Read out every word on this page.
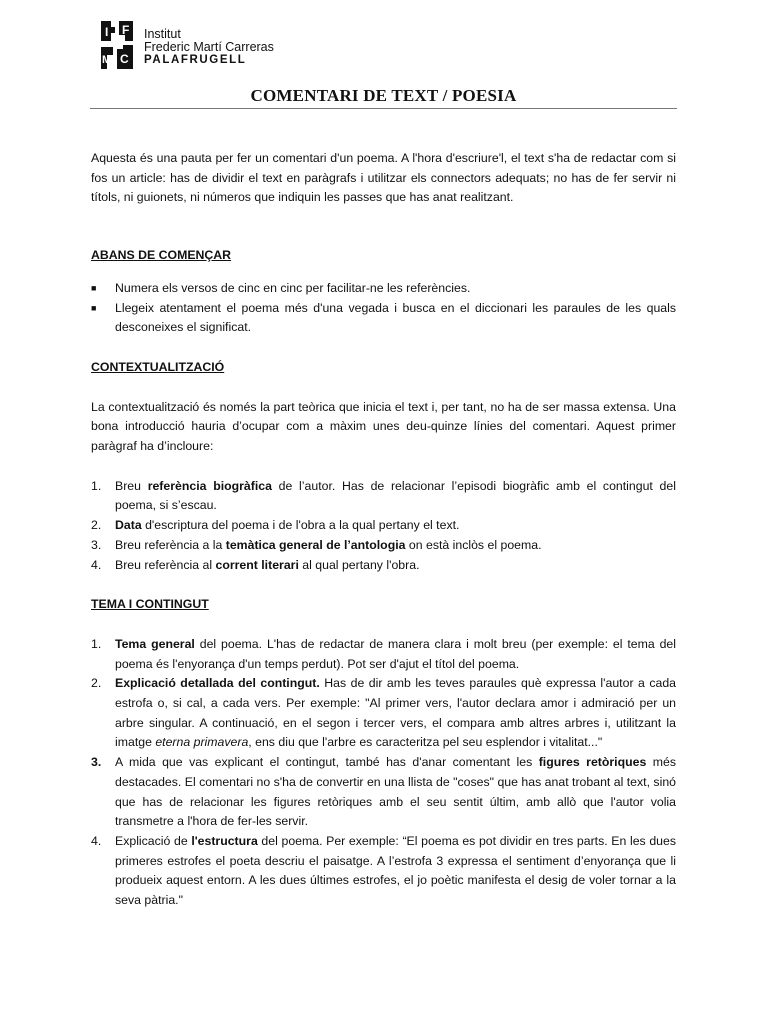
I F
M C
Institut
Frederic Martí Carreras
PALAFRUGELL
COMENTARI DE TEXT / POESIA

Aquesta és una pauta per fer un comentari d'un poema. A l'hora d'escriure'l, el text s'ha de redactar com si fos un article: has de dividir el text en paràgrafs i utilitzar els connectors adequats; no has de fer servir ni títols, ni guionets, ni números que indiquin les passes que has anat realitzant.

ABANS DE COMENÇAR
■ Numera els versos de cinc en cinc per facilitar-ne les referències.
■ Llegeix atentament el poema més d'una vegada i busca en el diccionari les paraules de les quals desconeixes el significat.
CONTEXTUALITZACIÓ

La contextualització és només la part teòrica que inicia el text i, per tant, no ha de ser massa extensa. Una bona introducció hauria d’ocupar com a màxim unes deu-quinze línies del comentari. Aquest primer paràgraf ha d’incloure:

1. Breu referència biogràfica de l’autor. Has de relacionar l’episodi biogràfic amb el contingut del poema, si s’escau.
2. Data d'escriptura del poema i de l'obra a la qual pertany el text.
3. Breu referència a la temàtica general de l’antologia on està inclòs el poema.
4. Breu referència al corrent literari al qual pertany l'obra.
TEMA I CONTINGUT
1. Tema general del poema. L'has de redactar de manera clara i molt breu (per exemple: el tema del poema és l'enyorança d'un temps perdut). Pot ser d'ajut el títol del poema.
2. Explicació detallada del contingut. Has de dir amb les teves paraules què expressa l'autor a cada estrofa o, si cal, a cada vers. Per exemple: "Al primer vers, l'autor declara amor i admiració per un arbre singular. A continuació, en el segon i tercer vers, el compara amb altres arbres i, utilitzant la imatge eterna primavera, ens diu que l'arbre es caracteritza pel seu esplendor i vitalitat..."
3. A mida que vas explicant el contingut, també has d'anar comentant les figures retòriques més destacades. El comentari no s'ha de convertir en una llista de "coses" que has anat trobant al text, sinó que has de relacionar les figures retòriques amb el seu sentit últim, amb allò que l'autor volia transmetre a l'hora de fer-les servir.
4. Explicació de l'estructura del poema. Per exemple: “El poema es pot dividir en tres parts. En les dues primeres estrofes el poeta descriu el paisatge. A l’estrofa 3 expressa el sentiment d’enyorança que li produeix aquest entorn. A les dues últimes estrofes, el jo poètic manifesta el desig de voler tornar a la seva pàtria."
